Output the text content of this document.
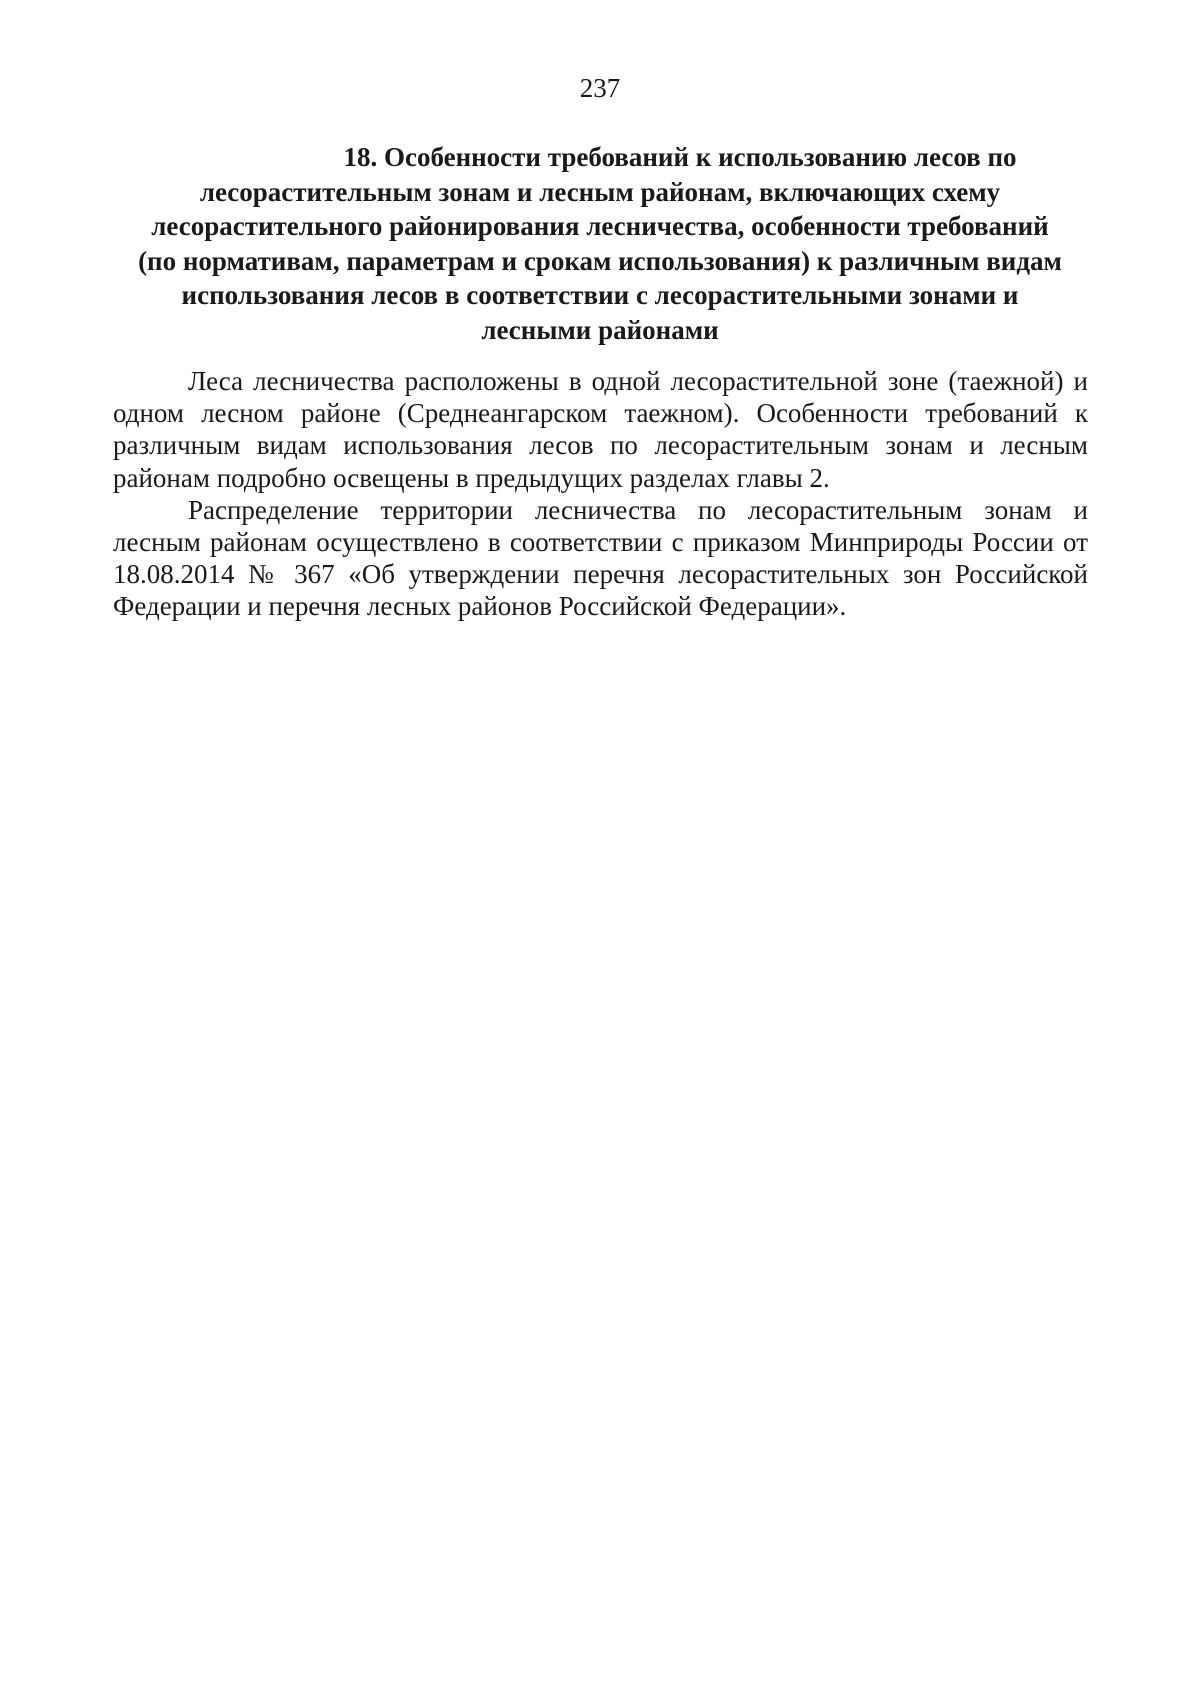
237
18. Особенности требований к использованию лесов по
лесорастительным зонам и лесным районам, включающих схему
лесорастительного районирования лесничества, особенности требований
(по нормативам, параметрам и срокам использования) к различным видам
использования лесов в соответствии с лесорастительными зонами и
лесными районами

Леса лесничества расположены в одной лесорастительной зоне (таежной) и одном лесном районе (Среднеангарском таежном). Особенности требований к различным видам использования лесов по лесорастительным зонам и лесным районам подробно освещены в предыдущих разделах главы 2.

Распределение территории лесничества по лесорастительным зонам и лесным районам осуществлено в соответствии с приказом Минприроды России от 18.08.2014 № 367 «Об утверждении перечня лесорастительных зон Российской Федерации и перечня лесных районов Российской Федерации».
